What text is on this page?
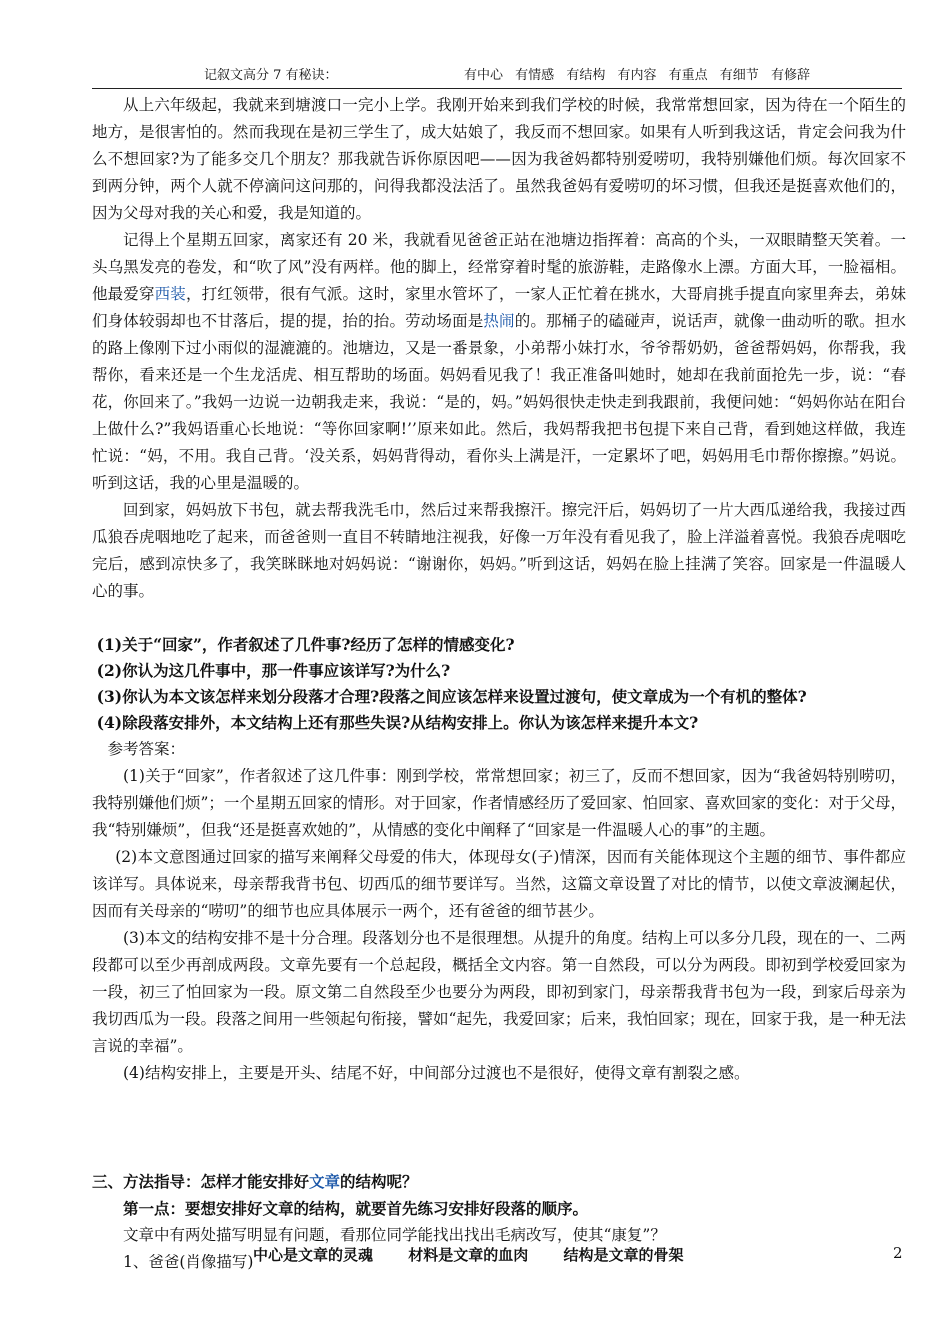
记叙文高分 7 有秘诀：	有中心 有情感 有结构 有内容 有重点 有细节 有修辞

从上六年级起，我就来到塘渡口一完小上学。我刚开始来到我们学校的时候，我常常想回家，因为待在一个陌生的地方，是很害怕的。然而我现在是初三学生了，成大姑娘了，我反而不想回家。如果有人听到我这话，肯定会问我为什么不想回家?为了能多交几个朋友？那我就告诉你原因吧——因为我爸妈都特别爱唠叨，我特别嫌他们烦。每次回家不到两分钟，两个人就不停滴问这问那的，问得我都没法活了。虽然我爸妈有爱唠叨的坏习惯，但我还是挺喜欢他们的，因为父母对我的关心和爱，我是知道的。

记得上个星期五回家，离家还有 20 米，我就看见爸爸正站在池塘边指挥着：高高的个头，一双眼睛整天笑着。一头乌黑发亮的卷发，和“吹了风”没有两样。他的脚上，经常穿着时髦的旅游鞋，走路像水上漂。方面大耳，一脸福相。他最爱穿西装，打红领带，很有气派。这时，家里水管坏了，一家人正忙着在挑水，大哥肩挑手提直向家里奔去，弟妹们身体较弱却也不甘落后，提的提，抬的抬。劳动场面是热闹的。那桶子的磕碰声，说话声，就像一曲动听的歌。担水的路上像刚下过小雨似的湿漉漉的。池塘边，又是一番景象，小弟帮小妹打水，爷爷帮奶奶，爸爸帮妈妈，你帮我，我帮你，看来还是一个生龙活虎、相互帮助的场面。妈妈看见我了！我正准备叫她时，她却在我前面抢先一步，说：“春花，你回来了。”我妈一边说一边朝我走来，我说：“是的，妈。”妈妈很快走快走到我跟前，我便问她：“妈妈你站在阳台上做什么?”我妈语重心长地说：“等你回家啊!’’原来如此。然后，我妈帮我把书包提下来自己背，看到她这样做，我连忙说：“妈，不用。我自己背。‘没关系，妈妈背得动，看你头上满是汗，一定累坏了吧，妈妈用毛巾帮你擦擦。”妈说。听到这话，我的心里是温暖的。

回到家，妈妈放下书包，就去帮我洗毛巾，然后过来帮我擦汗。擦完汗后，妈妈切了一片大西瓜递给我，我接过西瓜狼吞虎咽地吃了起来，而爸爸则一直目不转睛地注视我，好像一万年没有看见我了，脸上洋溢着喜悦。我狼吞虎咽吃完后，感到凉快多了，我笑眯眯地对妈妈说：“谢谢你，妈妈。”听到这话，妈妈在脸上挂满了笑容。回家是一件温暖人心的事。

(1)关于“回家”，作者叙述了几件事?经历了怎样的情感变化?

(2)你认为这几件事中，那一件事应该详写?为什么?

(3)你认为本文该怎样来划分段落才合理?段落之间应该怎样来设置过渡句，使文章成为一个有机的整体?

(4)除段落安排外，本文结构上还有那些失误?从结构安排上。你认为该怎样来提升本文?

参考答案：

(1)关于“回家”，作者叙述了这几件事：刚到学校，常常想回家；初三了，反而不想回家，因为“我爸妈特别唠叨，我特别嫌他们烦”；一个星期五回家的情形。对于回家，作者情感经历了爱回家、怕回家、喜欢回家的变化：对于父母，我“特别嫌烦”，但我“还是挺喜欢她的”，从情感的变化中阐释了“回家是一件温暖人心的事”的主题。

(2)本文意图通过回家的描写来阐释父母爱的伟大，体现母女(子)情深，因而有关能体现这个主题的细节、事件都应该详写。具体说来，母亲帮我背书包、切西瓜的细节要详写。当然，这篇文章设置了对比的情节，以使文章波澜起伏，因而有关母亲的“唠叨”的细节也应具体展示一两个，还有爸爸的细节甚少。

(3)本文的结构安排不是十分合理。段落划分也不是很理想。从提升的角度。结构上可以多分几段，现在的一、二两段都可以至少再剖成两段。文章先要有一个总起段，概括全文内容。第一自然段，可以分为两段。即初到学校爱回家为一段，初三了怕回家为一段。原文第二自然段至少也要分为两段，即初到家门，母亲帮我背书包为一段，到家后母亲为我切西瓜为一段。段落之间用一些领起句衔接，譬如“起先，我爱回家；后来，我怕回家；现在，回家于我，是一种无法言说的幸福”。

(4)结构安排上，主要是开头、结尾不好，中间部分过渡也不是很好，使得文章有割裂之感。

三、方法指导：怎样才能安排好文章的结构呢？

第一点：要想安排好文章的结构，就要首先练习安排好段落的顺序。

文章中有两处描写明显有问题，看那位同学能找出找出毛病改写，使其“康复”？

1、爸爸(肖像描写) 中心是文章的灵魂 材料是文章的血肉 结构是文章的骨架	2
